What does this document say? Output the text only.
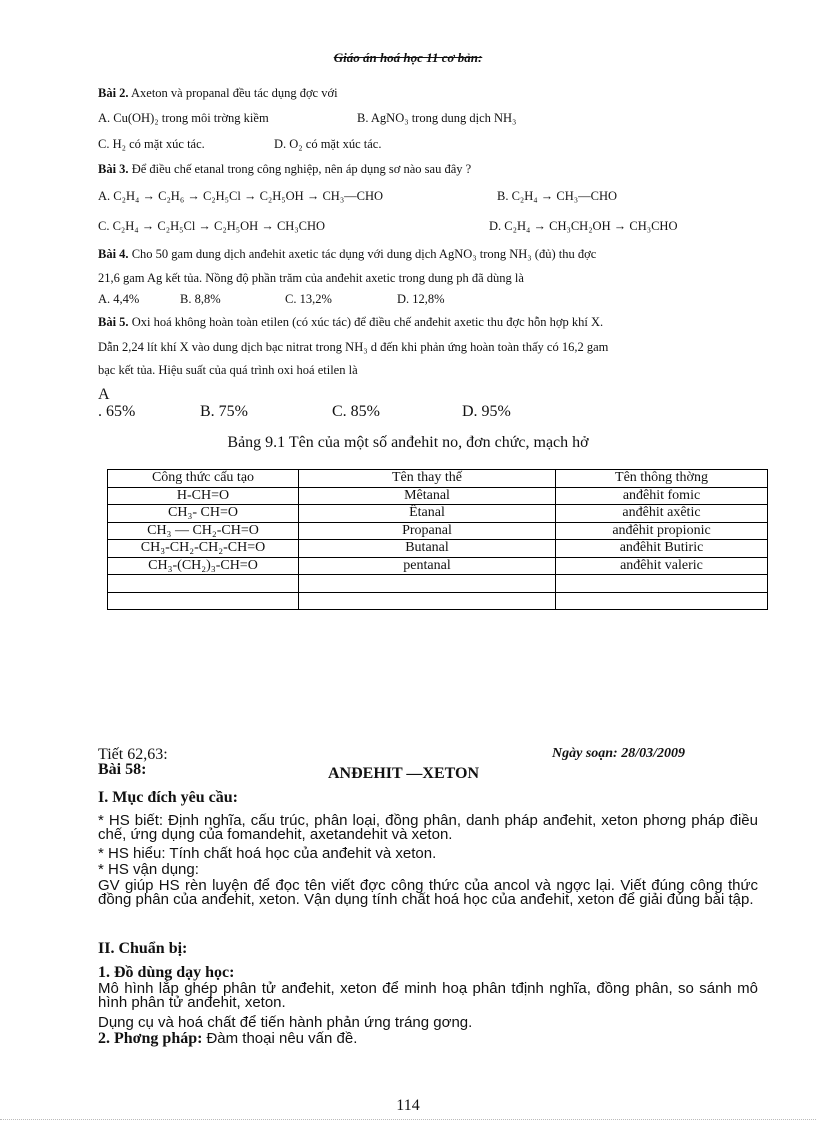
Giáo án hoá học 11 cơ bản:
Bài 2. Axeton và propanal đều tác dụng đợc với
A. Cu(OH)₂ trong môi trờng kiềm	B. AgNO₃ trong dung dịch NH₃
C. H₂ có mặt xúc tác.	D. O₂ có mặt xúc tác.
Bài 3. Để điều chế etanal trong công nghiệp, nên áp dụng sơ nào sau đây ?
A. C₂H₄ → C₂H₆ → C₂H₅Cl → C₂H₅OH → CH₃—CHO	B. C₂H₄ → CH₃—CHO
C. C₂H₄ → C₂H₅Cl → C₂H₅OH → CH₃CHO	D. C₂H₄ → CH₃CH₂OH → CH₃CHO
Bài 4. Cho 50 gam dung dịch anđehit axetic tác dụng với dung dịch AgNO₃ trong NH₃ (đủ) thu đợc
21,6 gam Ag kết tủa. Nồng độ phần trăm của anđehit axetic trong dung ph đã dùng là
A. 4,4%	B. 8,8%	C. 13,2%	D. 12,8%
Bài 5. Oxi hoá không hoàn toàn etilen (có xúc tác) để điều chế anđehit axetic thu đợc hỗn hợp khí X.
Dẫn 2,24 lít khí X vào dung dịch bạc nitrat trong NH₃ d đến khi phản ứng hoàn toàn thấy có 16,2 gam
bạc kết tủa. Hiệu suất của quá trình oxi hoá etilen là
A
. 65%	B. 75%	C. 85%	D. 95%
Bảng 9.1 Tên của một số anđehit no, đơn chức, mạch hở
Công thức cấu tạo	Tên thay thế	Tên thông thờng
H-CH=O	Mêtanal	anđêhit fomic
CH₃- CH=O	Êtanal	anđêhit axêtic
CH₃ — CH₂-CH=O	Propanal	anđêhit propionic
CH₃-CH₂-CH₂-CH=O	Butanal	anđêhit Butiric
CH₃-(CH₂)₃-CH=O	pentanal	anđêhit valeric

Tiết 62,63:	Ngày soạn: 28/03/2009
Bài 58:	ANĐEHIT —XETON
I. Mục đích yêu cầu:
* HS biết: Định nghĩa, cấu trúc, phân loại, đồng phân, danh pháp anđehit, xeton phơng pháp điều chế, ứng dụng của fomandehit, axetandehit và xeton.
* HS hiểu: Tính chất hoá học của anđehit và xeton.
* HS vận dụng:
GV giúp HS rèn luyện để đọc tên viết đợc công thức của ancol và ngợc lại. Viết đúng công thức đồng phân của anđehit, xeton. Vận dụng tính chất hoá học của anđehit, xeton để giải đúng bài tập.
II. Chuẩn bị:
1. Đồ dùng dạy học:
Mô hình lắp ghép phân tử anđehit, xeton để minh hoạ phân tđịnh nghĩa, đồng phân, so sánh mô hình phân tử anđehit, xeton.
Dụng cụ và hoá chất để tiến hành phản ứng tráng gơng.
2. Phơng pháp: Đàm thoại nêu vấn đề.
114
